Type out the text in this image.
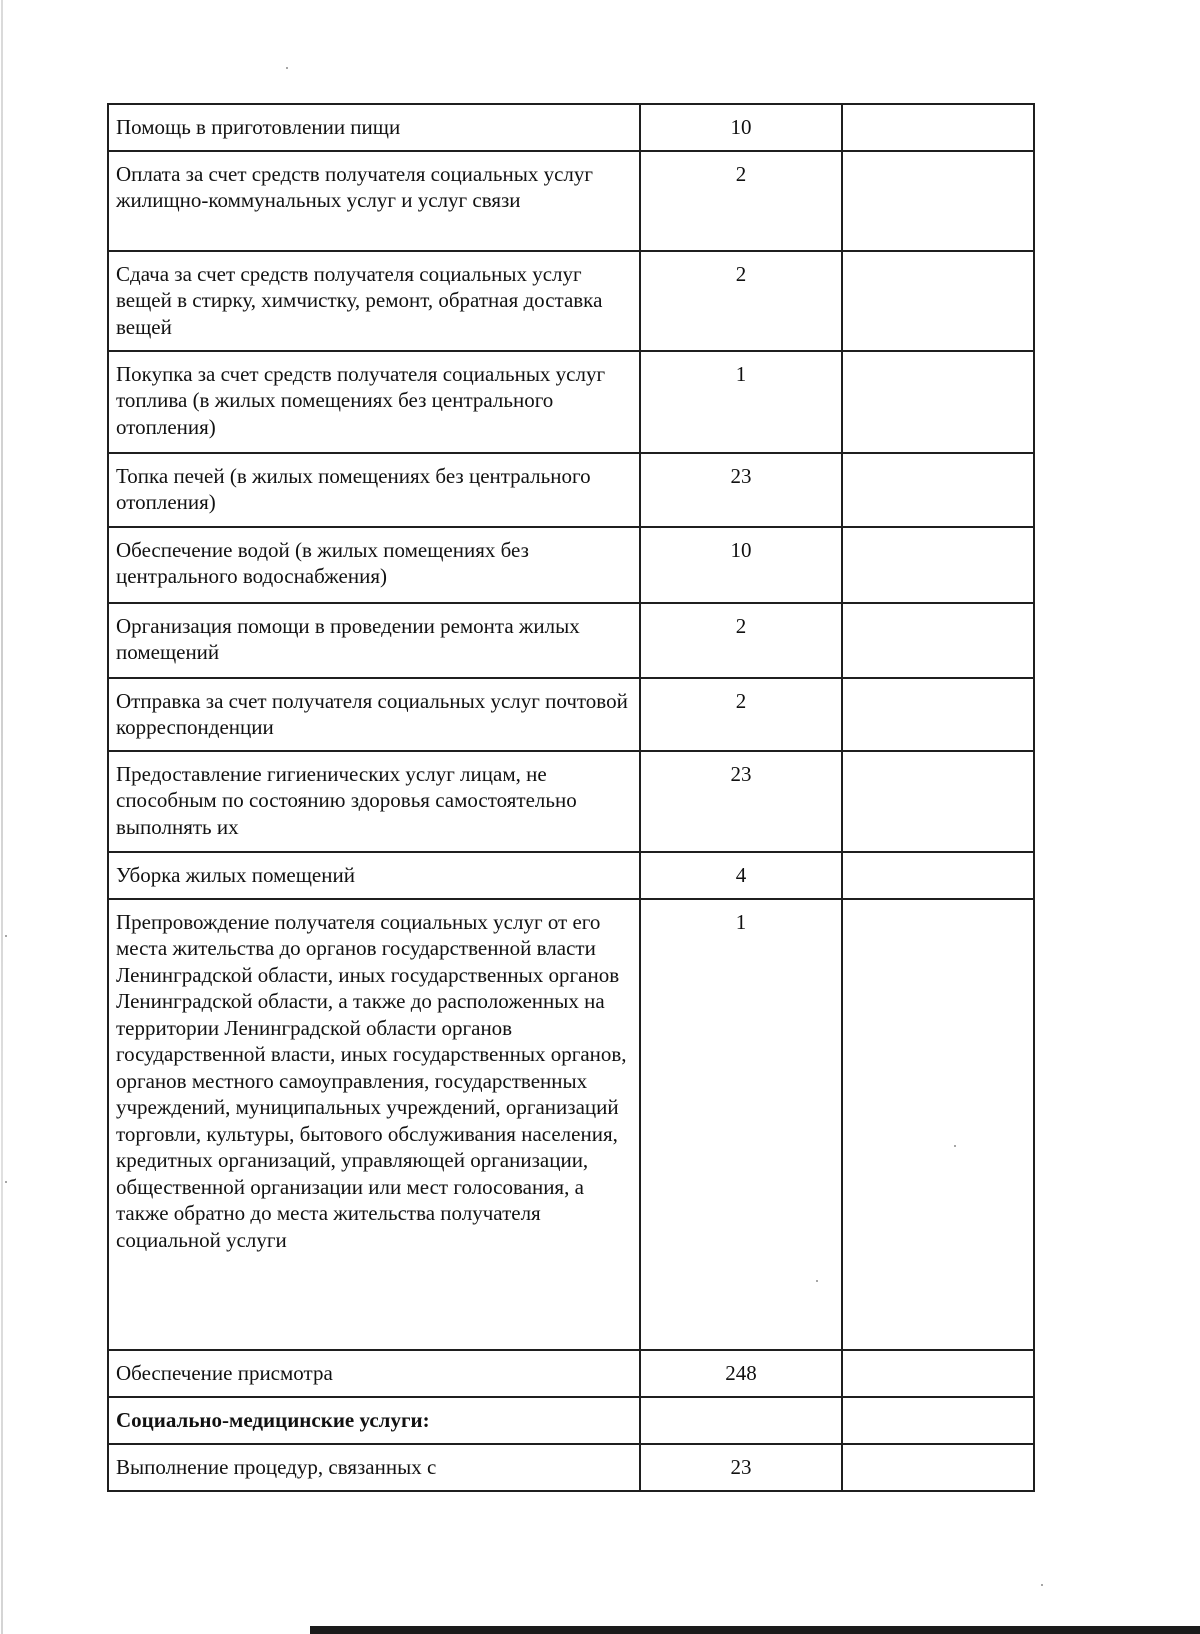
Помощь в приготовлении пищи	10	
Оплата за счет средств получателя социальных услуг жилищно-коммунальных услуг и услуг связи	2	
Сдача за счет средств получателя социальных услуг вещей в стирку, химчистку, ремонт, обратная доставка вещей	2	
Покупка за счет средств получателя социальных услуг топлива (в жилых помещениях без центрального отопления)	1	
Топка печей (в жилых помещениях без центрального отопления)	23	
Обеспечение водой (в жилых помещениях без центрального водоснабжения)	10	
Организация помощи в проведении ремонта жилых помещений	2	
Отправка за счет получателя социальных услуг почтовой корреспонденции	2	
Предоставление гигиенических услуг лицам, не способным по состоянию здоровья самостоятельно выполнять их	23	
Уборка жилых помещений	4	
Препровождение получателя социальных услуг от его места жительства до органов государственной власти Ленинградской области, иных государственных органов Ленинградской области, а также до расположенных на территории Ленинградской области органов государственной власти, иных государственных органов, органов местного самоуправления, государственных учреждений, муниципальных учреждений, организаций торговли, культуры, бытового обслуживания населения, кредитных организаций, управляющей организации, общественной организации или мест голосования, а также обратно до места жительства получателя социальной услуги	1	
Обеспечение присмотра	248	
Социально-медицинские услуги:		
Выполнение процедур, связанных с	23	
